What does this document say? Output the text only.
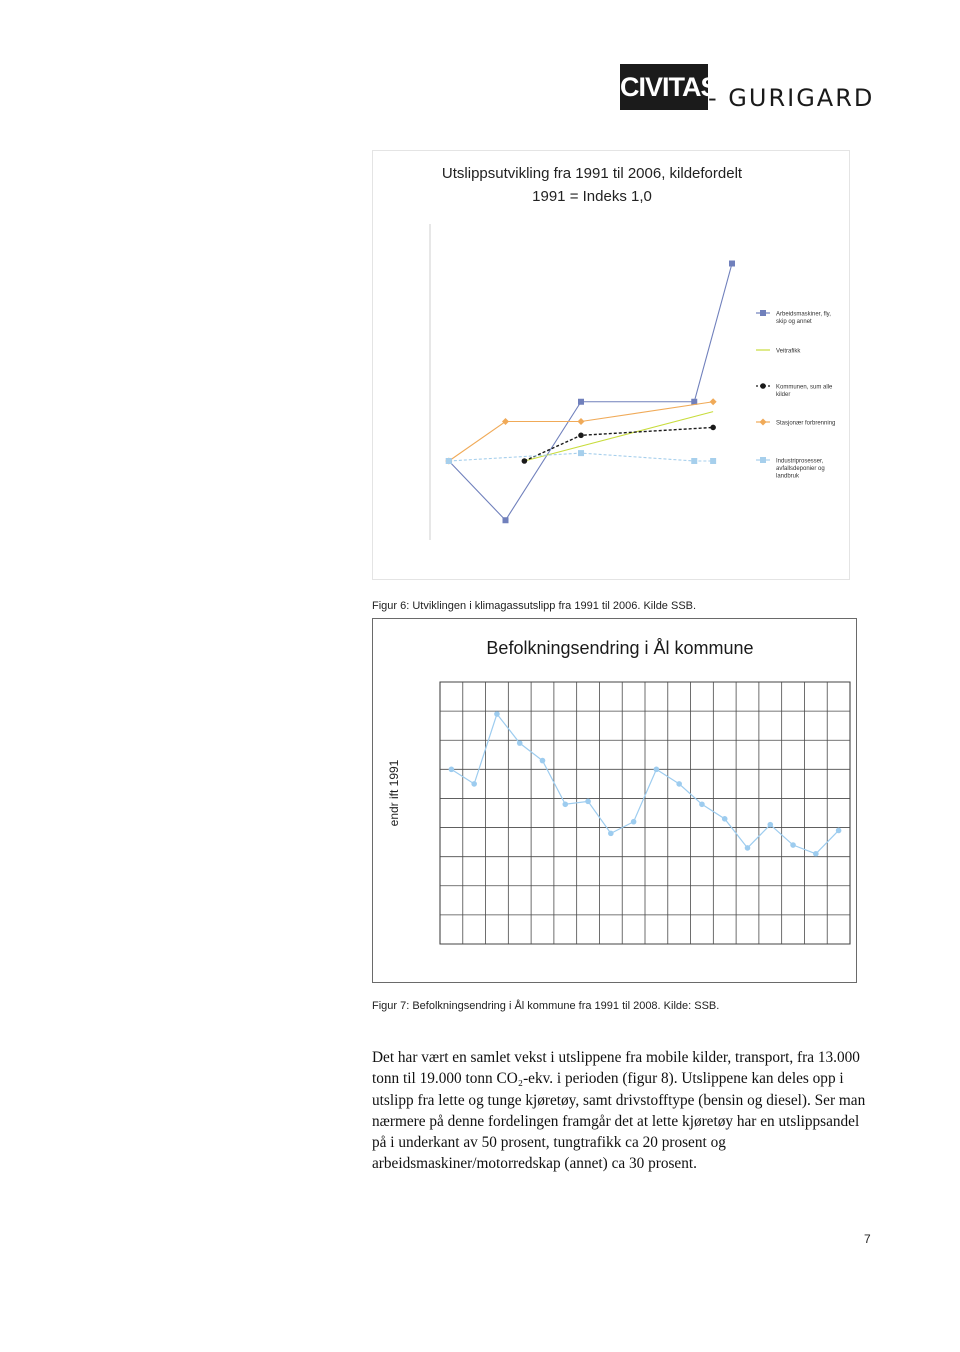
CIVITAS
- GURIGARD
Utslippsutvikling fra 1991 til 2006, kildefordelt
1991 = Indeks 1,0
Arbeidsmaskiner, fly, skip og annet
Veitrafikk
Kommunen, sum alle kilder
Stasjonær forbrenning
Industriprosesser, avfallsdeponier og landbruk
Figur 6: Utviklingen i klimagassutslipp fra 1991 til 2006. Kilde SSB.
Befolkningsendring i Ål kommune
endr ift 1991
Figur 7: Befolkningsendring i Ål kommune fra 1991 til 2008. Kilde: SSB.

Det har vært en samlet vekst i utslippene fra mobile kilder, transport, fra 13.000 tonn til 19.000 tonn CO₂-ekv. i perioden (figur 8). Utslippene kan deles opp i utslipp fra lette og tunge kjøretøy, samt drivstofftype (bensin og diesel). Ser man nærmere på denne fordelingen framgår det at lette kjøretøy har en utslippsandel på i underkant av 50 prosent, tungtrafikk ca 20 prosent og arbeidsmaskiner/motorredskap (annet) ca 30 prosent.

7
